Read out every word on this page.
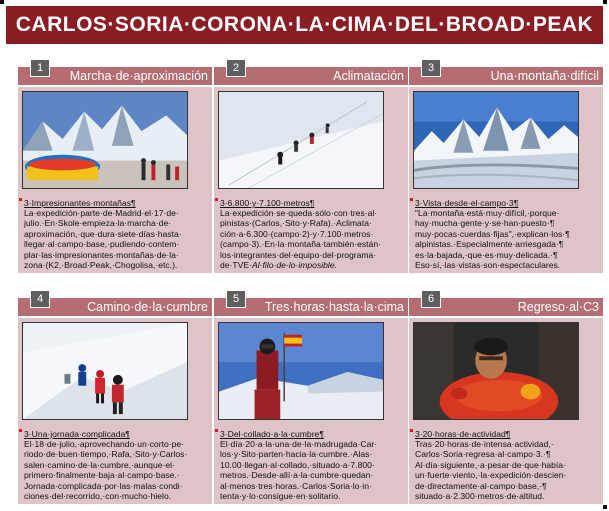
CARLOS·SORIA·CORONA·LA·CIMA·DEL·BROAD·PEAK
Marcha·de·aproximación
1
3·Impresionantes·montañas¶
La·expedición·parte·de·Madrid·el·17·de· julio.·En·Skole·empieza·la·marcha·de· aproximación,·que·dura·siete·días·hasta· llegar·al·campo·base,·pudiendo·contem· plar·las·impresionantes·montañas·de·la· zona·(K2,·Broad·Peak,·Chogolisa,·etc.).
Aclimatación
2
3·6.800·y·7.100·metros¶
La·expedición·se·queda·sólo·con·tres·al· pinistas·(Carlos,·Sito·y·Rafa).·Aclimata· ción·a·6.300·(campo·2)·y·7.100·metros· (campo·3).·En·la·montaña·también·están· los·integrantes·del·equipo·del·programa· de·TVE·Al·filo·de·lo·imposible.
Una·montaña·difícil
3
3·Vista·desde·el·campo·3¶
"La·montaña·está·muy·difícil,·porque· hay·mucha·gente·y·se·han·puesto·¶ muy·pocas·cuerdas·fijas",·explican·los·¶ alpinistas.·Especialmente·arriesgada·¶ es·la·bajada,·que·es·muy·delicada.·¶ Eso·sí,·las·vistas·son·espectaculares.
Camino·de·la·cumbre
4
3·Una·jornada·complicada¶
El·18·de·julio,·aprovechando·un·corto·pe· riodo·de·buen·tiempo,·Rafa,·Sito·y·Carlos· salen·camino·de·la·cumbre,·aunque·el· primero·finalmente·baja·al·campo·base.· Jornada·complicada·por·las·malas·condi· ciones·del·recorrido,·con·mucho·hielo.
Tres·horas·hasta·la·cima
5
3·Del·collado·a·la·cumbre¶
El·día·20·a·la·una·de·la·madrugada·Car· los·y·Sito·parten·hacia·la·cumbre.·Alas· 10.00·llegan·al·collado,·situado·a·7.800· metros.·Desde·allí·a·la·cumbre·quedan· al·menos·tres·horas.·Carlos·Soria·lo·in· tenta·y·lo·consigue·en·solitario.
Regreso·al·C3
6
3·20·horas·de·actividad¶
Tras·20·horas·de·intensa·actividad,· Carlos·Soria·regresa·al·campo·3.·¶ Al·día·siguiente,·a·pesar·de·que·había· un·fuerte·viento,·la·expedición·descien· de·directamente·al·campo·base,·¶ situado·a·2.300·metros·de·altitud.
